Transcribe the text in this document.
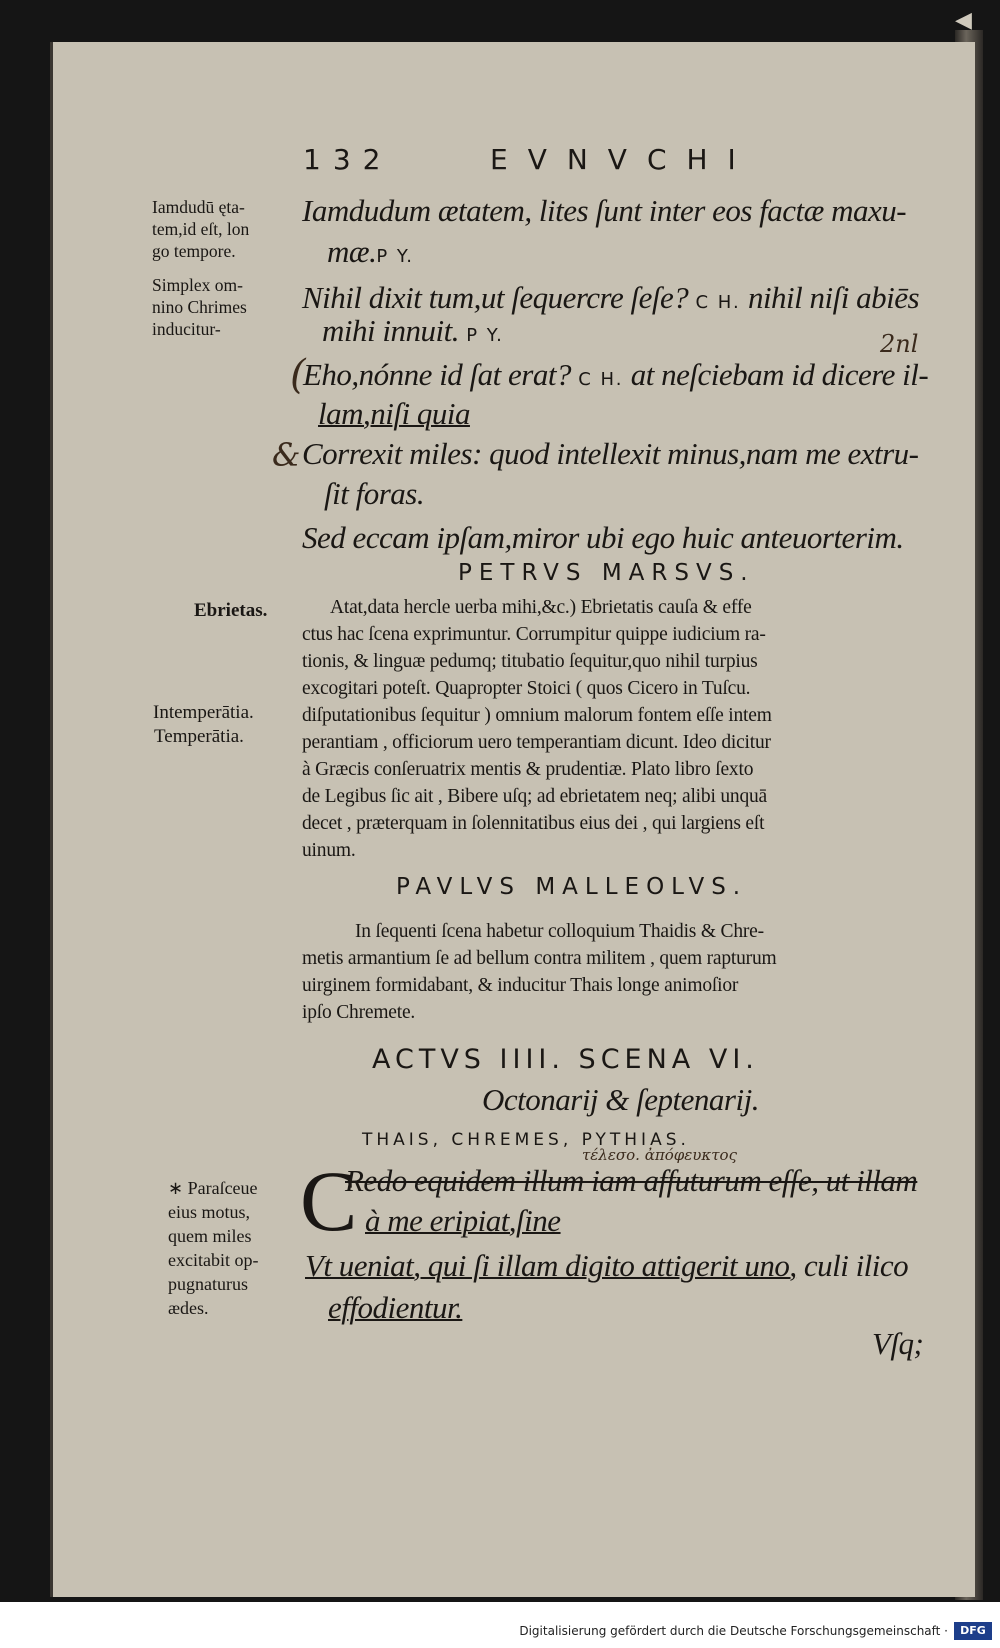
◀
132	EVNVCHI
Iamdudū ęta-
tem,id eſt, lon
go tempore.
Simplex om-
nino Chrimes
inducitur-
Iamdudum ætatem, lites ſunt inter eos factæ maxu-
mæ.P Y.
Nihil dixit tum,ut ſequercre ſeſe? C H. nihil niſi abiēs
mihi innuit. P Y.	2nl
(
Eho,nónne id ſat erat? C H. at neſciebam id dicere il-
lam,niſi quia
& Correxit miles: quod intellexit minus,nam me extru-
ſit foras.
Sed eccam ipſam,miror ubi ego huic anteuorterim.
PETRVS MARSVS.
Ebrietas.
Intemperātia.
Temperātia.
Atat,data hercle uerba mihi,&c.) Ebrietatis cauſa & effe
ctus hac ſcena exprimuntur. Corrumpitur quippe iudicium ra-
tionis, & linguæ pedumq; titubatio ſequitur,quo nihil turpius
excogitari poteſt. Quapropter Stoici ( quos Cicero in Tuſcu.
diſputationibus ſequitur ) omnium malorum fontem eſſe intem
perantiam , officiorum uero temperantiam dicunt. Ideo dicitur
à Græcis conſeruatrix mentis & prudentiæ. Plato libro ſexto
de Legibus ſic ait , Bibere uſq; ad ebrietatem neq; alibi unquā
decet , præterquam in ſolennitatibus eius dei , qui largiens eſt
uinum.
PAVLVS MALLEOLVS.
In ſequenti ſcena habetur colloquium Thaidis & Chre-
metis armantium ſe ad bellum contra militem , quem rapturum
uirginem formidabant, & inducitur Thais longe animoſior
ipſo Chremete.
ACTVS IIII. SCENA VI.
Octonarij & ſeptenarij.
THAIS, CHREMES, PYTHIAS.
τέλεσο. ἀπόφευκτος
∗ Paraſceue
eius motus,
quem miles
excitabit op-
pugnaturus
ædes.
C
Redo equidem illum iam affuturum eſſe, ut illam
à me eripiat,ſine
Vt ueniat, qui ſi illam digito attigerit uno, culi ilico
effodientur.
Vſq;
Digitalisierung gefördert durch die Deutsche Forschungsgemeinschaft ·	DFG
